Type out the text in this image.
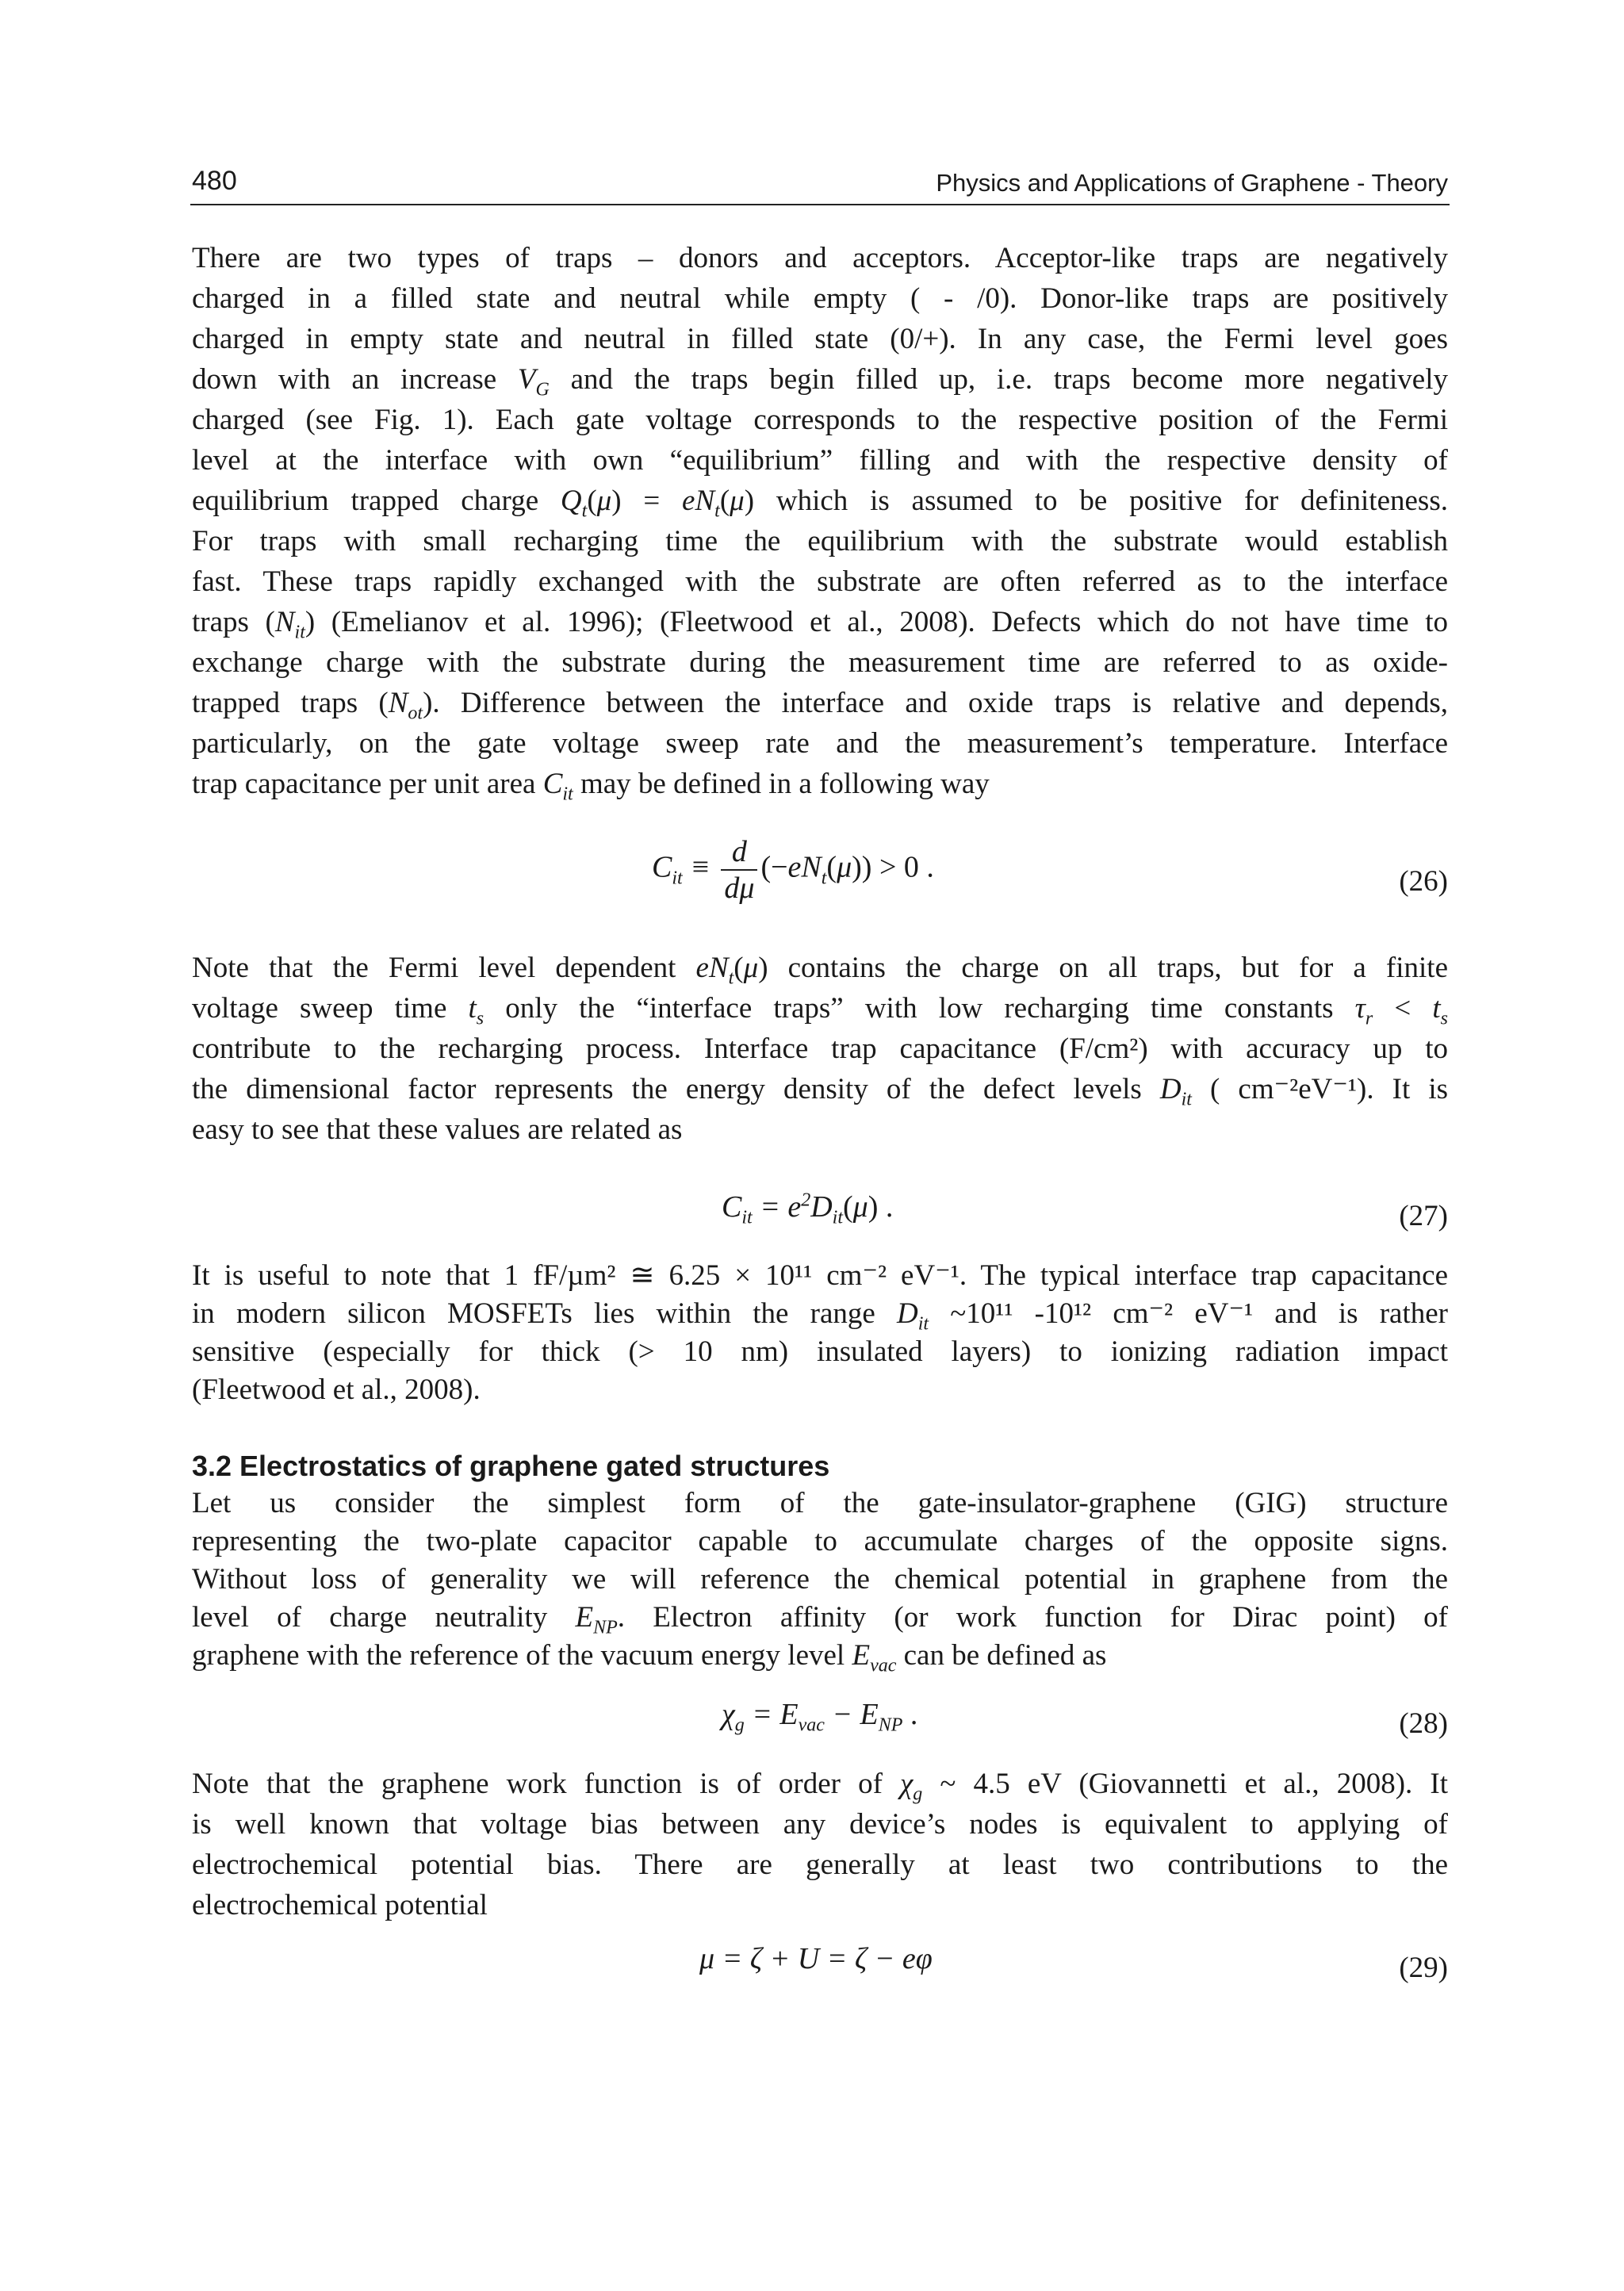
480	Physics and Applications of Graphene - Theory

There are two types of traps – donors and acceptors. Acceptor-like traps are negatively
charged in a filled state and neutral while empty ( - /0). Donor-like traps are positively
charged in empty state and neutral in filled state (0/+). In any case, the Fermi level goes
down with an increase $V_G$ and the traps begin filled up, i.e. traps become more negatively
charged (see Fig. 1). Each gate voltage corresponds to the respective position of the Fermi
level at the interface with own “equilibrium” filling and with the respective density of
equilibrium trapped charge $Q_t(\mu) = eN_t(\mu)$ which is assumed to be positive for definiteness.
For traps with small recharging time the equilibrium with the substrate would establish
fast. These traps rapidly exchanged with the substrate are often referred as to the interface
traps $(N_{it})$ (Emelianov et al. 1996); (Fleetwood et al., 2008). Defects which do not have time to
exchange charge with the substrate during the measurement time are referred to as oxide-
trapped traps $(N_{ot})$. Difference between the interface and oxide traps is relative and depends,
particularly, on the gate voltage sweep rate and the measurement’s temperature. Interface
trap capacitance per unit area $C_{it}$ may be defined in a following way

$C_{it} \equiv \frac{d}{d\mu} (-eN_t(\mu)) > 0$ .	(26)

Note that the Fermi level dependent $eN_t(\mu)$ contains the charge on all traps, but for a finite
voltage sweep time $t_s$ only the “interface traps” with low recharging time constants $\tau_r < t_s$
contribute to the recharging process. Interface trap capacitance (F/cm²) with accuracy up to
the dimensional factor represents the energy density of the defect levels $D_{it}$ ( cm⁻²eV⁻¹). It is
easy to see that these values are related as

$C_{it} = e^2D_{it}(\mu)$ .	(27)

It is useful to note that 1 fF/µm² ≅ 6.25 × 10¹¹ cm⁻² eV⁻¹. The typical interface trap capacitance
in modern silicon MOSFETs lies within the range $D_{it}$ ~10¹¹ -10¹² cm⁻² eV⁻¹ and is rather
sensitive (especially for thick (> 10 nm) insulated layers) to ionizing radiation impact
(Fleetwood et al., 2008).

3.2 Electrostatics of graphene gated structures

Let us consider the simplest form of the gate-insulator-graphene (GIG) structure
representing the two-plate capacitor capable to accumulate charges of the opposite signs.
Without loss of generality we will reference the chemical potential in graphene from the
level of charge neutrality $E_{NP}$. Electron affinity (or work function for Dirac point) of
graphene with the reference of the vacuum energy level $E_{vac}$ can be defined as

$\chi_g = E_{vac} - E_{NP}$ .	(28)

Note that the graphene work function is of order of $\chi_g$ ~ 4.5 eV (Giovannetti et al., 2008). It
is well known that voltage bias between any device’s nodes is equivalent to applying of
electrochemical potential bias. There are generally at least two contributions to the
electrochemical potential

μ = ζ + U = ζ − eφ	(29)
